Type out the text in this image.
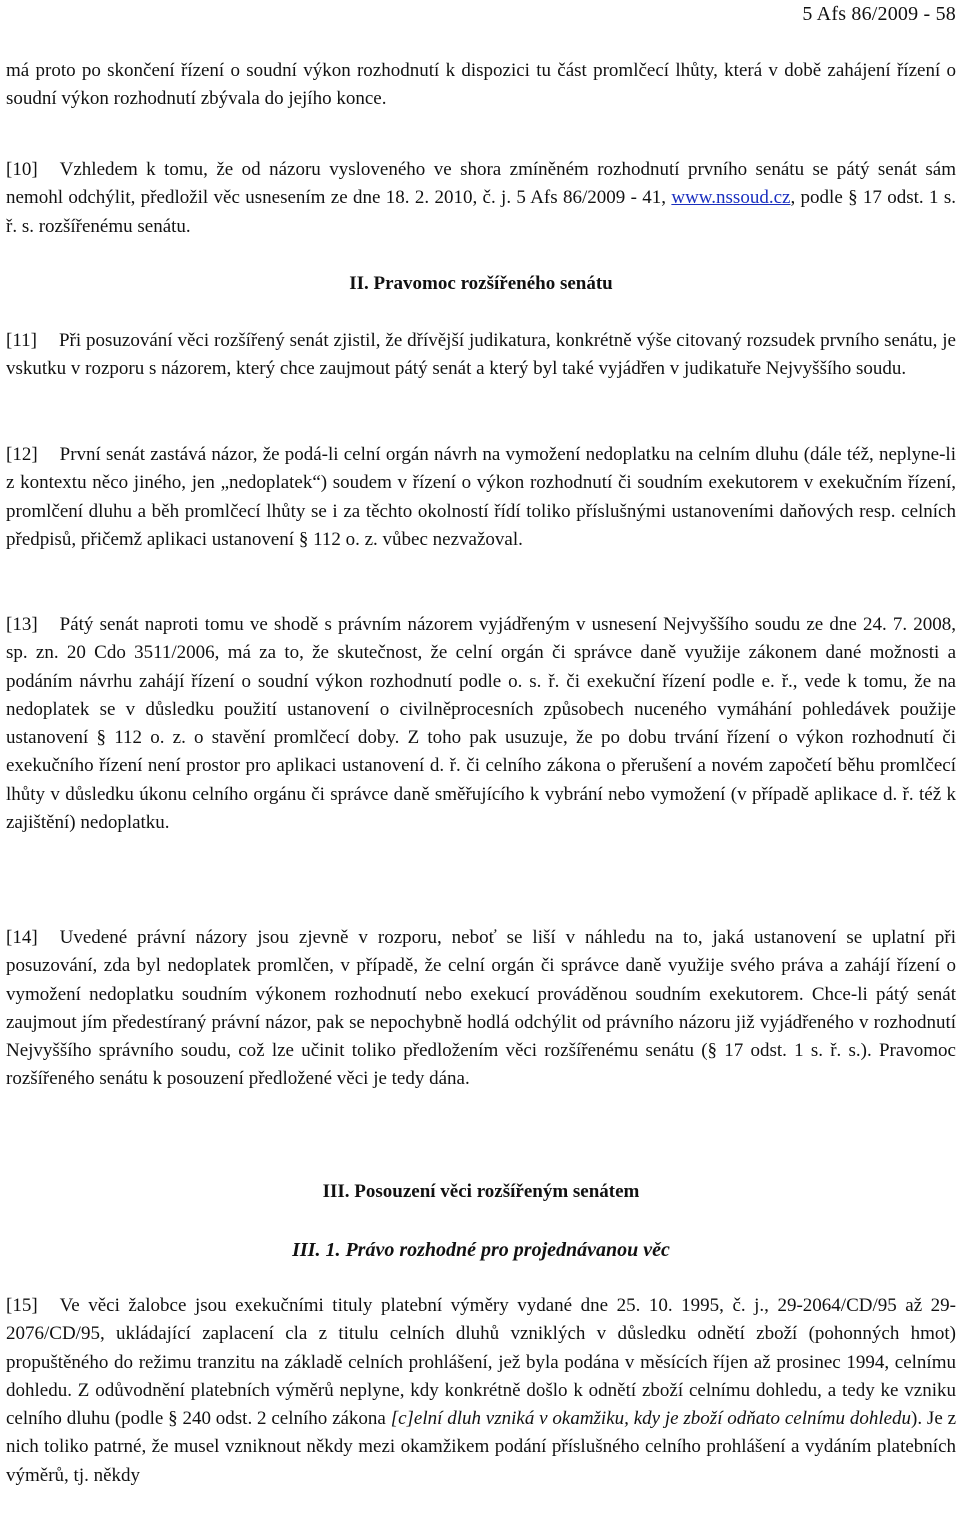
5 Afs 86/2009 - 58
má proto po skončení řízení o soudní výkon rozhodnutí k dispozici tu část promlčecí lhůty, která v době zahájení řízení o soudní výkon rozhodnutí zbývala do jejího konce.
[10] Vzhledem k tomu, že od názoru vysloveného ve shora zmíněném rozhodnutí prvního senátu se pátý senát sám nemohl odchýlit, předložil věc usnesením ze dne 18. 2. 2010, č. j. 5 Afs 86/2009 - 41, www.nssoud.cz, podle § 17 odst. 1 s. ř. s. rozšířenému senátu.
II. Pravomoc rozšířeného senátu
[11] Při posuzování věci rozšířený senát zjistil, že dřívější judikatura, konkrétně výše citovaný rozsudek prvního senátu, je vskutku v rozporu s názorem, který chce zaujmout pátý senát a který byl také vyjádřen v judikatuře Nejvyššího soudu.
[12] První senát zastává názor, že podá-li celní orgán návrh na vymožení nedoplatku na celním dluhu (dále též, neplyne-li z kontextu něco jiného, jen „nedoplatek“) soudem v řízení o výkon rozhodnutí či soudním exekutorem v exekučním řízení, promlčení dluhu a běh promlčecí lhůty se i za těchto okolností řídí toliko příslušnými ustanoveními daňových resp. celních předpisů, přičemž aplikaci ustanovení § 112 o. z. vůbec nezvažoval.
[13] Pátý senát naproti tomu ve shodě s právním názorem vyjádřeným v usnesení Nejvyššího soudu ze dne 24. 7. 2008, sp. zn. 20 Cdo 3511/2006, má za to, že skutečnost, že celní orgán či správce daně využije zákonem dané možnosti a podáním návrhu zahájí řízení o soudní výkon rozhodnutí podle o. s. ř. či exekuční řízení podle e. ř., vede k tomu, že na nedoplatek se v důsledku použití ustanovení o civilněprocesních způsobech nuceného vymáhání pohledávek použije ustanovení § 112 o. z. o stavění promlčecí doby. Z toho pak usuzuje, že po dobu trvání řízení o výkon rozhodnutí či exekučního řízení není prostor pro aplikaci ustanovení d. ř. či celního zákona o přerušení a novém započetí běhu promlčecí lhůty v důsledku úkonu celního orgánu či správce daně směřujícího k vybrání nebo vymožení (v případě aplikace d. ř. též k zajištění) nedoplatku.
[14] Uvedené právní názory jsou zjevně v rozporu, neboť se liší v náhledu na to, jaká ustanovení se uplatní při posuzování, zda byl nedoplatek promlčen, v případě, že celní orgán či správce daně využije svého práva a zahájí řízení o vymožení nedoplatku soudním výkonem rozhodnutí nebo exekucí prováděnou soudním exekutorem. Chce-li pátý senát zaujmout jím předestíraný právní názor, pak se nepochybně hodlá odchýlit od právního názoru již vyjádřeného v rozhodnutí Nejvyššího správního soudu, což lze učinit toliko předložením věci rozšířenému senátu (§ 17 odst. 1 s. ř. s.). Pravomoc rozšířeného senátu k posouzení předložené věci je tedy dána.
III. Posouzení věci rozšířeným senátem
III. 1. Právo rozhodné pro projednávanou věc
[15] Ve věci žalobce jsou exekučními tituly platební výměry vydané dne 25. 10. 1995, č. j., 29-2064/CD/95 až 29-2076/CD/95, ukládající zaplacení cla z titulu celních dluhů vzniklých v důsledku odnětí zboží (pohonných hmot) propuštěného do režimu tranzitu na základě celních prohlášení, jež byla podána v měsících říjen až prosinec 1994, celnímu dohledu. Z odůvodnění platebních výměrů neplyne, kdy konkrétně došlo k odnětí zboží celnímu dohledu, a tedy ke vzniku celního dluhu (podle § 240 odst. 2 celního zákona [c]elní dluh vzniká v okamžiku, kdy je zboží odňato celnímu dohledu). Je z nich toliko patrné, že musel vzniknout někdy mezi okamžikem podání příslušného celního prohlášení a vydáním platebních výměrů, tj. někdy
